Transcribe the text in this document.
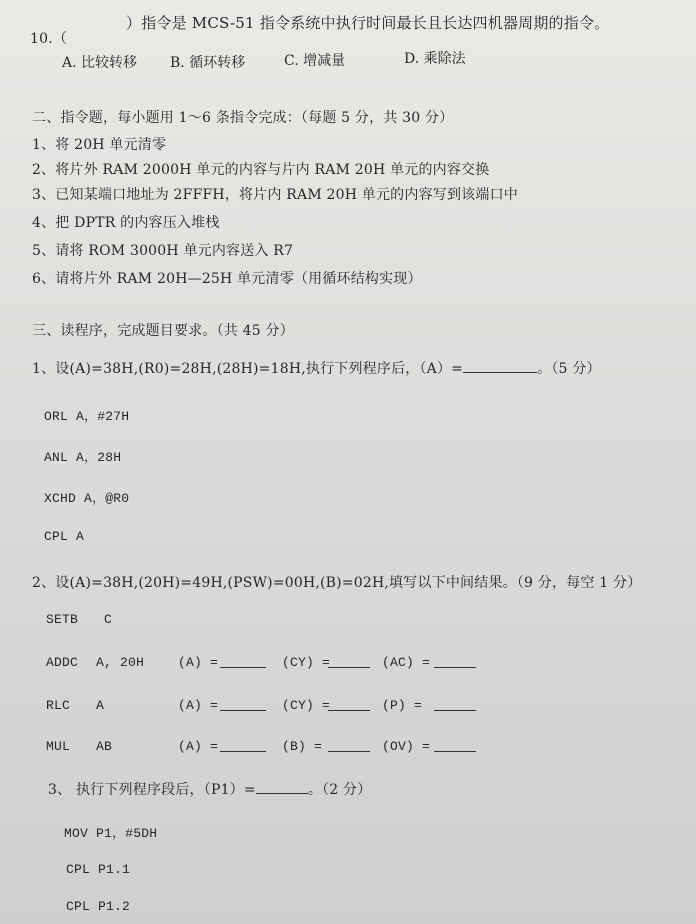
10.（
）指令是 MCS-51 指令系统中执行时间最长且长达四机器周期的指令。
A. 比较转移 B. 循环转移	C. 增减量	D. 乘除法
二、指令题，每小题用 1～6 条指令完成：（每题 5 分，共 30 分）
1、将 20H 单元清零
2、将片外 RAM 2000H 单元的内容与片内 RAM 20H 单元的内容交换
3、已知某端口地址为 2FFFH，将片内 RAM 20H 单元的内容写到该端口中
4、把 DPTR 的内容压入堆栈
5、请将 ROM 3000H 单元内容送入 R7
6、请将片外 RAM 20H—25H 单元清零（用循环结构实现）
三、读程序，完成题目要求。（共 45 分）
1、设(A)=38H,(R0)=28H,(28H)=18H,执行下列程序后，（A）=	。（5 分）
ORL A，#27H
ANL A，28H
XCHD A，@R0
CPL A
2、设(A)=38H,(20H)=49H,(PSW)=00H,(B)=02H,填写以下中间结果。（9 分，每空 1 分）
SETB C
ADDC A, 20H	(A) =	(CY) =	(AC) =
RLC A	(A) =	(CY) =	(P) =
MUL AB	(A) =	(B) =	(OV) =
3、 执行下列程序段后，（P1）=	。（2 分）
MOV P1，#5DH
CPL P1.1
CPL P1.2
